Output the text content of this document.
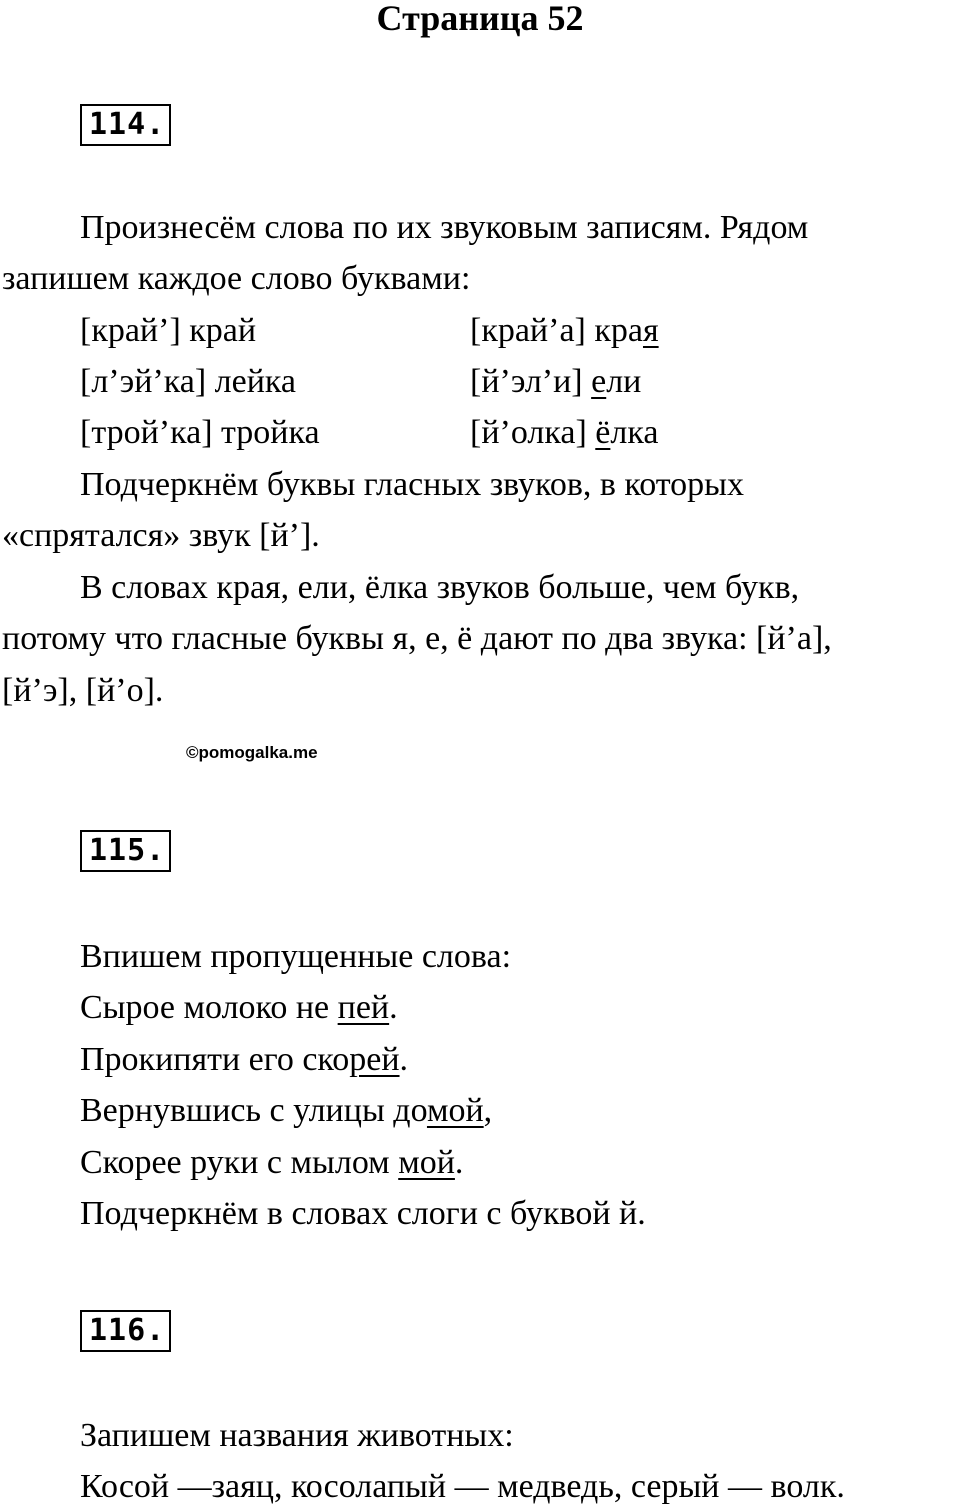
Страница 52
114.
Произнесём слова по их звуковым записям. Рядом
запишем каждое слово буквами:
[край’] край	[край’а] края
[л’эй’ка] лейка	[й’эл’и] ели
[трой’ка] тройка	[й’олка] ёлка
Подчеркнём буквы гласных звуков, в которых
«спрятался» звук [й’].
В словах края, ели, ёлка звуков больше, чем букв,
потому что гласные буквы я, е, ё дают по два звука: [й’а],
[й’э], [й’о].
©pomogalka.me
115.
Впишем пропущенные слова:
Сырое молоко не пей.
Прокипяти его скорей.
Вернувшись с улицы домой,
Скорее руки с мылом мой.
Подчеркнём в словах слоги с буквой й.
116.
Запишем названия животных:
Косой —заяц, косолапый — медведь, серый — волк.
